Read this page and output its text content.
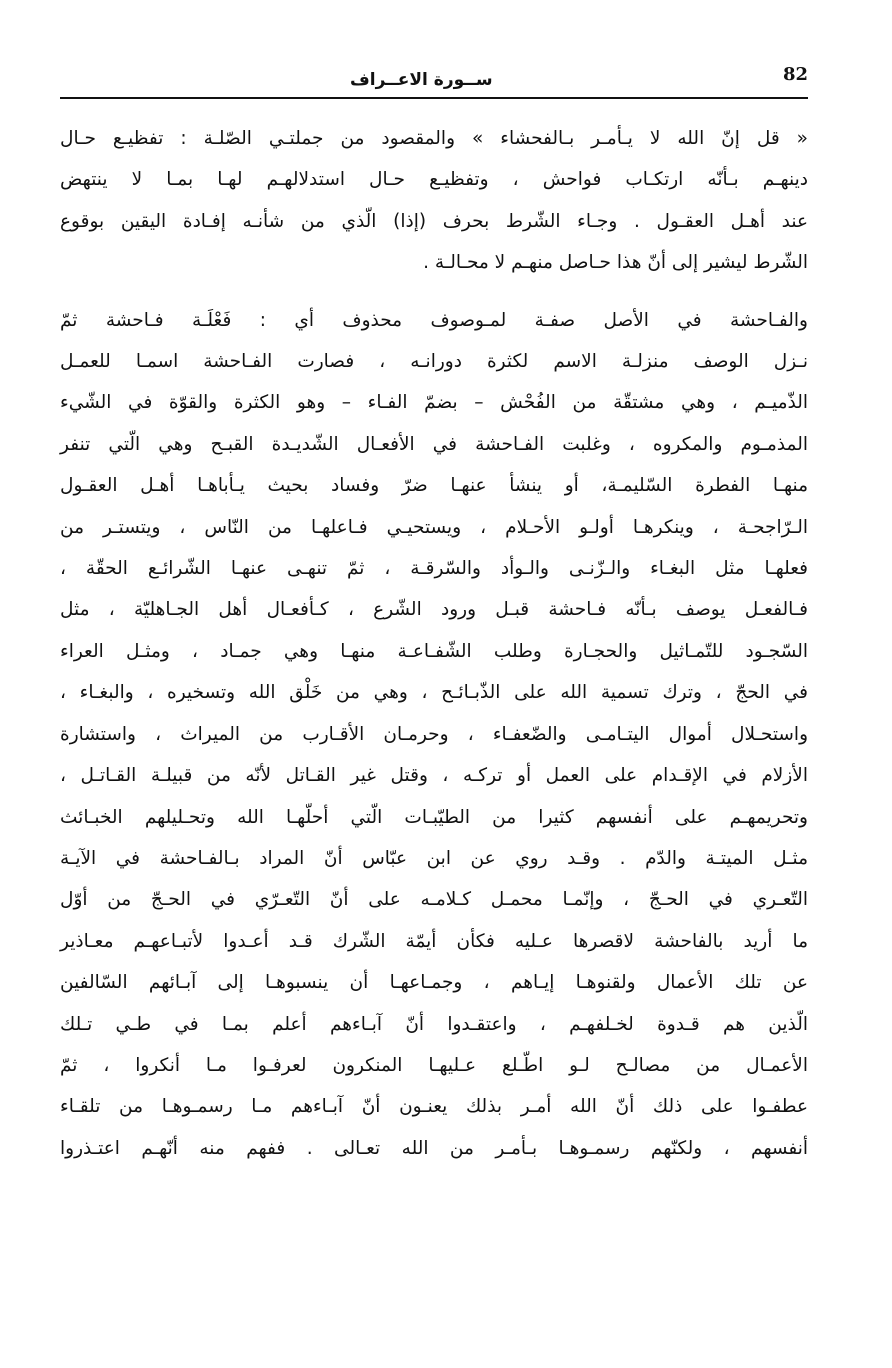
82
ســورة الاعــراف

« قل إنّ الله لا يـأمـر بـالفحشاء » والمقصود من جملتـي الصّلـة : تفظيـع حـال
دينهـم بـأنّه ارتكـاب فواحش ، وتفظيـع حـال استدلالهـم لهـا بمـا لا ينتهض
عند أهـل العقـول . وجـاء الشّرط بحرف (إذا) الّذي من شأنـه إفـادة اليقين بوقوع
الشّرط ليشير إلى أنّ هذا حـاصل منهـم لا محـالـة .

والفـاحشة في الأصل صفـة لمـوصوف محذوف أي : فَعْلَـة فـاحشة ثمّ
نـزل الوصف منزلـة الاسم لكثرة دورانـه ، فصارت الفـاحشة اسمـا للعمـل
الذّميـم ، وهي مشتقّة من الفُحْش – بضمّ الفـاء – وهو الكثرة والقوّة في الشّيء
المذمـوم والمكروه ، وغلبت الفـاحشة في الأفعـال الشّديـدة القبـح وهي الّتي تنفر
منهـا الفطرة السّليمـة، أو ينشأ عنهـا ضرّ وفساد بحيث يـأباهـا أهـل العقـول
الـرّاجحـة ، وينكرهـا أولـو الأحـلام ، ويستحيـي فـاعلهـا من النّاس ، ويتستـر من
فعلهـا مثل البغـاء والـزّنـى والـوأد والسّرقـة ، ثمّ تنهـى عنهـا الشّرائـع الحقّة ،
فـالفعـل يوصف بـأنّه فـاحشة قبـل ورود الشّرع ، كـأفعـال أهل الجـاهليّة ، مثل
السّجـود للتّمـاثيل والحجـارة وطلب الشّفـاعـة منهـا وهي جمـاد ، ومثـل العراء
في الحجّ ، وترك تسمية الله على الذّبـائـح ، وهي من خَلْق الله وتسخيره ، والبغـاء ،
واستحـلال أموال اليتـامـى والضّعفـاء ، وحرمـان الأقـارب من الميراث ، واستشارة
الأزلام في الإقـدام على العمل أو تركـه ، وقتل غير القـاتل لأنّه من قبيلـة القـاتـل ،
وتحريمهـم على أنفسهم كثيرا من الطيّبـات الّتي أحلّهـا الله وتحـليلهم الخبـائث
مثـل الميتـة والدّم . وقـد روي عن ابن عبّاس أنّ المراد بـالفـاحشة في الآيـة
التّعـري في الحـجّ ، وإنّمـا محمـل كـلامـه على أنّ التّعـرّي في الحـجّ من أوّل
ما أريد بالفاحشة لاقصرها عـليه فكأن أيمّة الشّرك قـد أعـدوا لأتبـاعهـم معـاذير
عن تلك الأعمال ولقنوهـا إيـاهم ، وجمـاعهـا أن ينسبوهـا إلى آبـائهم السّالفين
الّذين هم قـدوة لخـلفهـم ، واعتقـدوا أنّ آبـاءهم أعلم بمـا في طـي تـلك
الأعمـال من مصالـح لـو اطّـلع عـليهـا المنكرون لعرفـوا مـا أنكروا ، ثمّ
عطفـوا على ذلك أنّ الله أمـر بذلك يعنـون أنّ آبـاءهم مـا رسمـوهـا من تلقـاء
أنفسهم ، ولكنّهم رسمـوهـا بـأمـر من الله تعـالى . ففهم منه أنّهـم اعتـذروا
